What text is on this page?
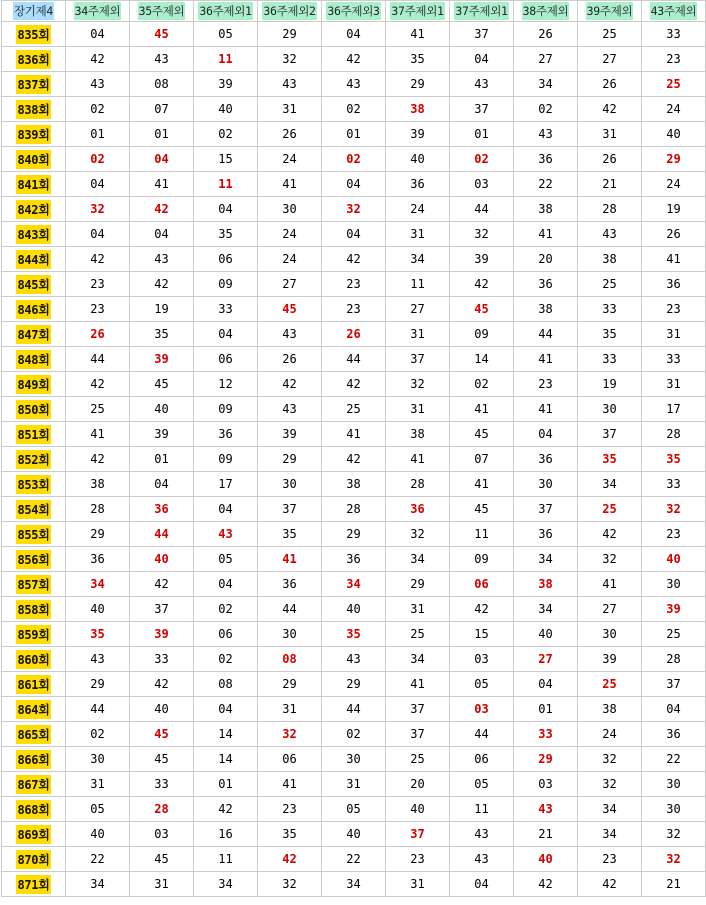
장기제4	34주제외	35주제외	36주제외1	36주제외2	36주제외3	37주제외1	37주제외1	38주제외	39주제외	43주제외
835회	04	45	05	29	04	41	37	26	25	33
836회	42	43	11	32	42	35	04	27	27	23
837회	43	08	39	43	43	29	43	34	26	25
838회	02	07	40	31	02	38	37	02	42	24
839회	01	01	02	26	01	39	01	43	31	40
840회	02	04	15	24	02	40	02	36	26	29
841회	04	41	11	41	04	36	03	22	21	24
842회	32	42	04	30	32	24	44	38	28	19
843회	04	04	35	24	04	31	32	41	43	26
844회	42	43	06	24	42	34	39	20	38	41
845회	23	42	09	27	23	11	42	36	25	36
846회	23	19	33	45	23	27	45	38	33	23
847회	26	35	04	43	26	31	09	44	35	31
848회	44	39	06	26	44	37	14	41	33	33
849회	42	45	12	42	42	32	02	23	19	31
850회	25	40	09	43	25	31	41	41	30	17
851회	41	39	36	39	41	38	45	04	37	28
852회	42	01	09	29	42	41	07	36	35	35
853회	38	04	17	30	38	28	41	30	34	33
854회	28	36	04	37	28	36	45	37	25	32
855회	29	44	43	35	29	32	11	36	42	23
856회	36	40	05	41	36	34	09	34	32	40
857회	34	42	04	36	34	29	06	38	41	30
858회	40	37	02	44	40	31	42	34	27	39
859회	35	39	06	30	35	25	15	40	30	25
860회	43	33	02	08	43	34	03	27	39	28
861회	29	42	08	29	29	41	05	04	25	37
864회	44	40	04	31	44	37	03	01	38	04
865회	02	45	14	32	02	37	44	33	24	36
866회	30	45	14	06	30	25	06	29	32	22
867회	31	33	01	41	31	20	05	03	32	30
868회	05	28	42	23	05	40	11	43	34	30
869회	40	03	16	35	40	37	43	21	34	32
870회	22	45	11	42	22	23	43	40	23	32
871회	34	31	34	32	34	31	04	42	42	21
